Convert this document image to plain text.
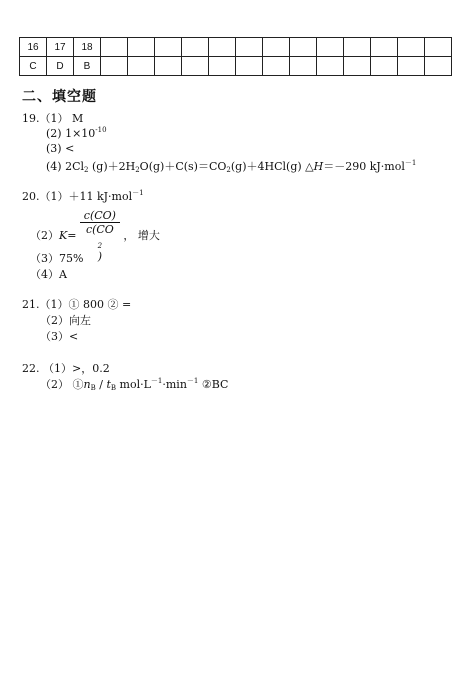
16	17	18													
C	D	B													
二、填空题
19.（1） M
(2) $1\times 10^{-10}$
(3) <
(4) $2Cl_2$ $(g)+2H_2O(g)+C(s)=CO_2(g)+4HCl(g)$ △H＝－290 kJ·mol$^{-1}$
20.（1）＋11 kJ·mol$^{-1}$
（2）K= c(CO)
c(CO
$_2$
) ， 增大
（3）75%
（4）A
21.（1）① 800 ② =
（2）向左
（3）<
22. （1）>，0.2
（2） $①n_B / t_B$ $mol\cdot L^{-1}\cdot\min^{-1}$ ②BC
